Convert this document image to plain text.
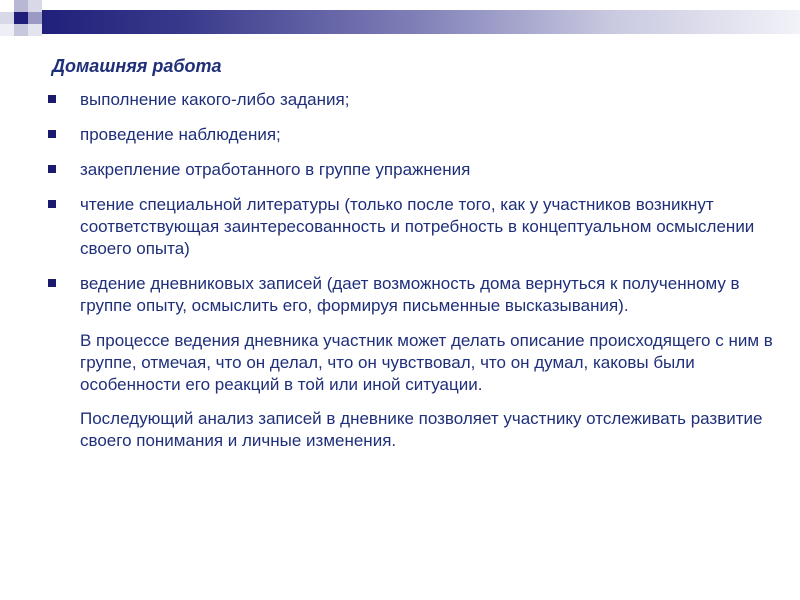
Домашняя работа
выполнение какого-либо задания;
проведение наблюдения;
закрепление отработанного в группе упражнения
чтение специальной литературы (только после того, как у участников возникнут соответствующая заинтересованность и потребность в концептуальном осмыслении своего опыта)
ведение дневниковых записей (дает возможность дома вернуться к полученному в группе опыту, осмыслить его, формируя письменные высказывания).

В процессе ведения дневника участник может делать описание происходящего с ним в группе, отмечая, что он делал, что он чувствовал, что он думал, каковы были особенности его реакций в той или иной ситуации.

Последующий анализ записей в дневнике позволяет участнику отслеживать развитие своего понимания и личные изменения.
